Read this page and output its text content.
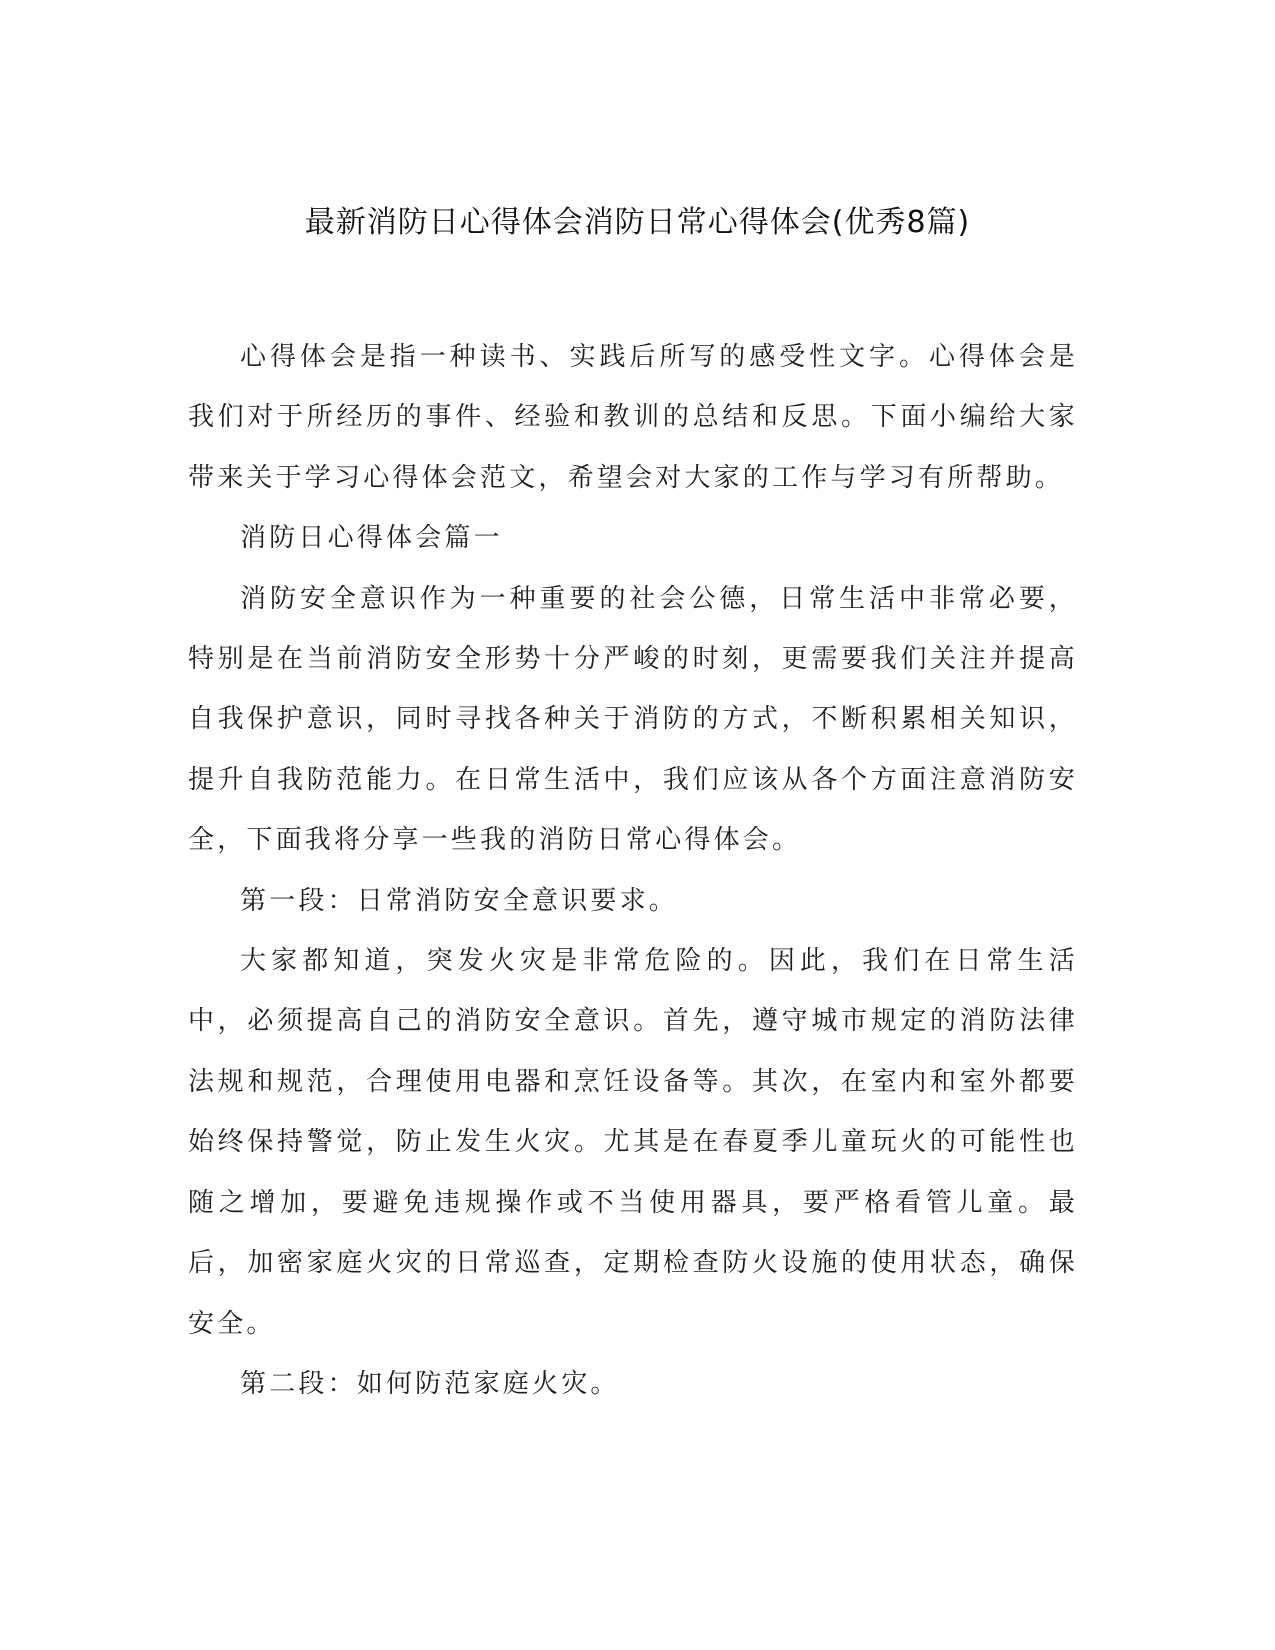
最新消防日心得体会消防日常心得体会(优秀8篇)

心得体会是指一种读书、实践后所写的感受性文字。心得体会是我们对于所经历的事件、经验和教训的总结和反思。下面小编给大家带来关于学习心得体会范文，希望会对大家的工作与学习有所帮助。

消防日心得体会篇一

消防安全意识作为一种重要的社会公德，日常生活中非常必要，特别是在当前消防安全形势十分严峻的时刻，更需要我们关注并提高自我保护意识，同时寻找各种关于消防的方式，不断积累相关知识，提升自我防范能力。在日常生活中，我们应该从各个方面注意消防安全，下面我将分享一些我的消防日常心得体会。

第一段：日常消防安全意识要求。

大家都知道，突发火灾是非常危险的。因此，我们在日常生活中，必须提高自己的消防安全意识。首先，遵守城市规定的消防法律法规和规范，合理使用电器和烹饪设备等。其次，在室内和室外都要始终保持警觉，防止发生火灾。尤其是在春夏季儿童玩火的可能性也随之增加，要避免违规操作或不当使用器具，要严格看管儿童。最后，加密家庭火灾的日常巡查，定期检查防火设施的使用状态，确保安全。

第二段：如何防范家庭火灾。
